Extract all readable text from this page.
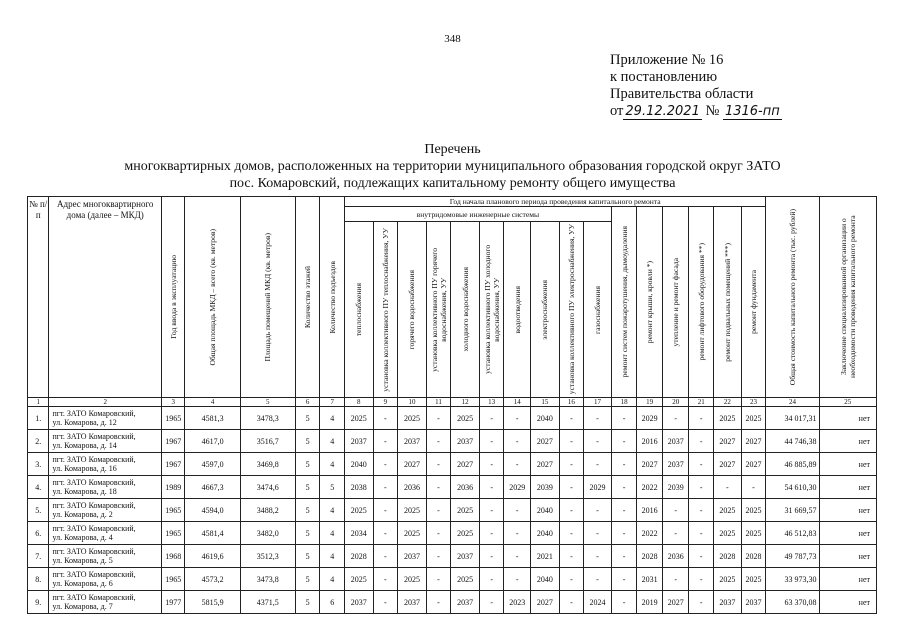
348
Приложение № 16
к постановлению
Правительства области
от 29.12.2021 № 1316-пп
Перечень
многоквартирных домов, расположенных на территории муниципального образования городской округ ЗАТО
пос. Комаровский, подлежащих капитальному ремонту общего имущества
№ п/п	Адрес многоквартирного дома (далее – МКД)	Год ввода в эксплуатацию	Общая площадь МКД – всего (кв. метров)	Площадь помещений МКД (кв. метров)	Количество этажей	Количество подъездов	Год начала планового периода проведения капитального ремонта																Общая стоимость капитального ремонта (тыс. рублей)	Заключение специализированной организации о необходимости проведения капитального ремонта

							внутридомовые инженерные системы										ремонт систем пожаротушения, дымоудаления	ремонт крыши, кровли *)	утепление и ремонт фасада	ремонт лифтового оборудования **)	ремонт подвальных помещений ***)	ремонт фундамента		

							теплоснабжения	установка коллективного ПУ теплоснабжения, УУ	горячего водоснабжения	установка коллективного ПУ горячего водоснабжения, УУ	холодного водоснабжения	установка коллективного ПУ холодного водоснабжения, УУ	водоотведения	электроснабжения	установка коллективного ПУ электроснабжения, УУ	газоснабжения								

1	2	3	4	5	6	7	8	9	10	11	12	13	14	15	16	17	18	19	20	21	22	23	24	25
1.	пгт. ЗАТО Комаровский,
ул. Комарова, д. 12	1965	4581,3	3478,3	5	4	2025	-	2025	-	2025	-	-	2040	-	-	-	2029	-	-	2025	2025	34 017,31	нет
2.	пгт. ЗАТО Комаровский,
ул. Комарова, д. 14	1967	4617,0	3516,7	5	4	2037	-	2037	-	2037	-	-	2027	-	-	-	2016	2037	-	2027	2027	44 746,38	нет
3.	пгт. ЗАТО Комаровский,
ул. Комарова, д. 16	1967	4597,0	3469,8	5	4	2040	-	2027	-	2027	-	-	2027	-	-	-	2027	2037	-	2027	2027	46 885,89	нет
4.	пгт. ЗАТО Комаровский,
ул. Комарова, д. 18	1989	4667,3	3474,6	5	5	2038	-	2036	-	2036	-	2029	2039	-	2029	-	2022	2039	-	-	-	54 610,30	нет
5.	пгт. ЗАТО Комаровский,
ул. Комарова, д. 2	1965	4594,0	3488,2	5	4	2025	-	2025	-	2025	-	-	2040	-	-	-	2016	-	-	2025	2025	31 669,57	нет
6.	пгт. ЗАТО Комаровский,
ул. Комарова, д. 4	1965	4581,4	3482,0	5	4	2034	-	2025	-	2025	-	-	2040	-	-	-	2022	-	-	2025	2025	46 512,83	нет
7.	пгт. ЗАТО Комаровский,
ул. Комарова, д. 5	1968	4619,6	3512,3	5	4	2028	-	2037	-	2037	-	-	2021	-	-	-	2028	2036	-	2028	2028	49 787,73	нет
8.	пгт. ЗАТО Комаровский,
ул. Комарова, д. 6	1965	4573,2	3473,8	5	4	2025	-	2025	-	2025	-	-	2040	-	-	-	2031	-	-	2025	2025	33 973,30	нет
9.	пгт. ЗАТО Комаровский,
ул. Комарова, д. 7	1977	5815,9	4371,5	5	6	2037	-	2037	-	2037	-	2023	2027	-	2024	-	2019	2027	-	2037	2037	63 370,08	нет
